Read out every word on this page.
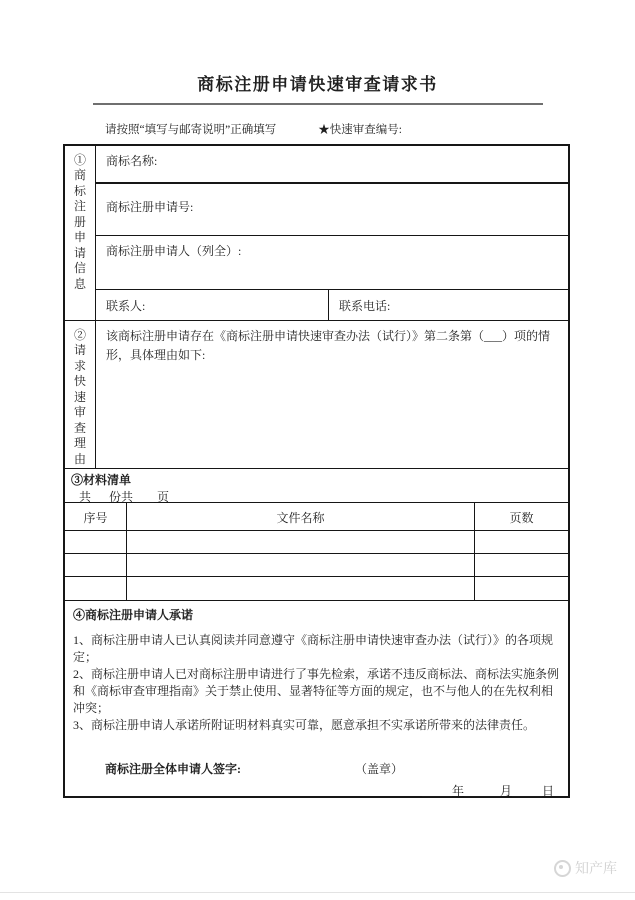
商标注册申请快速审查请求书
请按照“填写与邮寄说明”正确填写	★快速审查编号:
①商标注册申请信息
商标名称:
商标注册申请号:
商标注册申请人（列全）:
联系人:	联系电话:
②请求快速审查理由
该商标注册申请存在《商标注册申请快速审查办法（试行）》第二条第（___）项的情形，具体理由如下:
③材料清单
共___份共 ___ 页
序号	文件名称	页数
④商标注册申请人承诺
1、商标注册申请人已认真阅读并同意遵守《商标注册申请快速审查办法（试行）》的各项规定；
2、商标注册申请人已对商标注册申请进行了事先检索，承诺不违反商标法、商标法实施条例和《商标审查审理指南》关于禁止使用、显著特征等方面的规定，也不与他人的在先权利相冲突；
3、商标注册申请人承诺所附证明材料真实可靠，愿意承担不实承诺所带来的法律责任。
商标注册全体申请人签字:	（盖章）
_____年______月_____日
知产库
